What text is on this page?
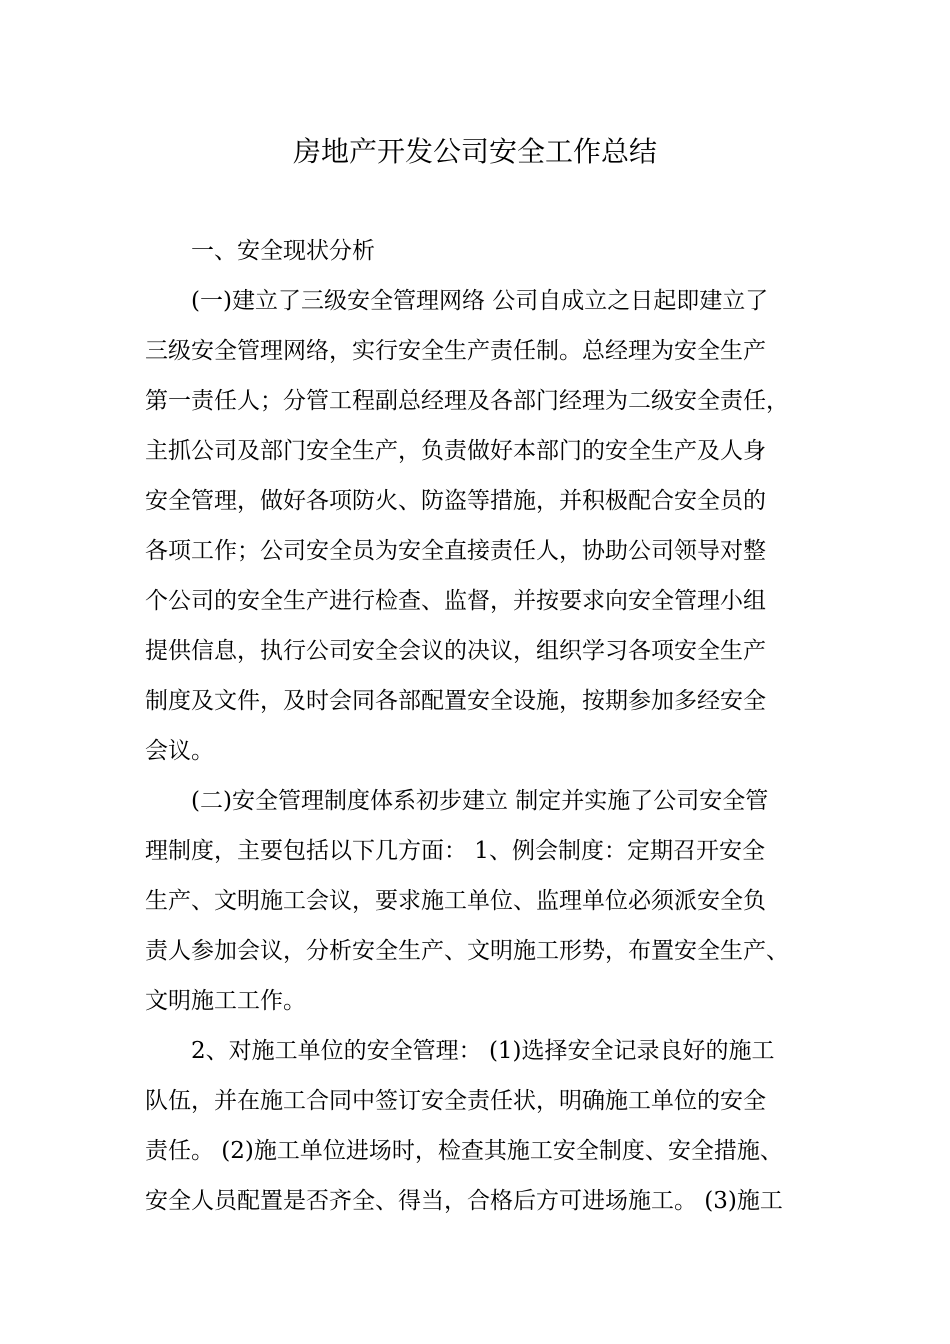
房地产开发公司安全工作总结
一、安全现状分析
(一)建立了三级安全管理网络 公司自成立之日起即建立了
三级安全管理网络，实行安全生产责任制。总经理为安全生产
第一责任人；分管工程副总经理及各部门经理为二级安全责任，
主抓公司及部门安全生产，负责做好本部门的安全生产及人身
安全管理，做好各项防火、防盗等措施，并积极配合安全员的
各项工作；公司安全员为安全直接责任人，协助公司领导对整
个公司的安全生产进行检查、监督，并按要求向安全管理小组
提供信息，执行公司安全会议的决议，组织学习各项安全生产
制度及文件，及时会同各部配置安全设施，按期参加多经安全
会议。
(二)安全管理制度体系初步建立 制定并实施了公司安全管
理制度，主要包括以下几方面： 1、例会制度：定期召开安全
生产、文明施工会议，要求施工单位、监理单位必须派安全负
责人参加会议，分析安全生产、文明施工形势，布置安全生产、
文明施工工作。
2、对施工单位的安全管理： (1)选择安全记录良好的施工
队伍，并在施工合同中签订安全责任状，明确施工单位的安全
责任。 (2)施工单位进场时，检查其施工安全制度、安全措施、
安全人员配置是否齐全、得当，合格后方可进场施工。 (3)施工
